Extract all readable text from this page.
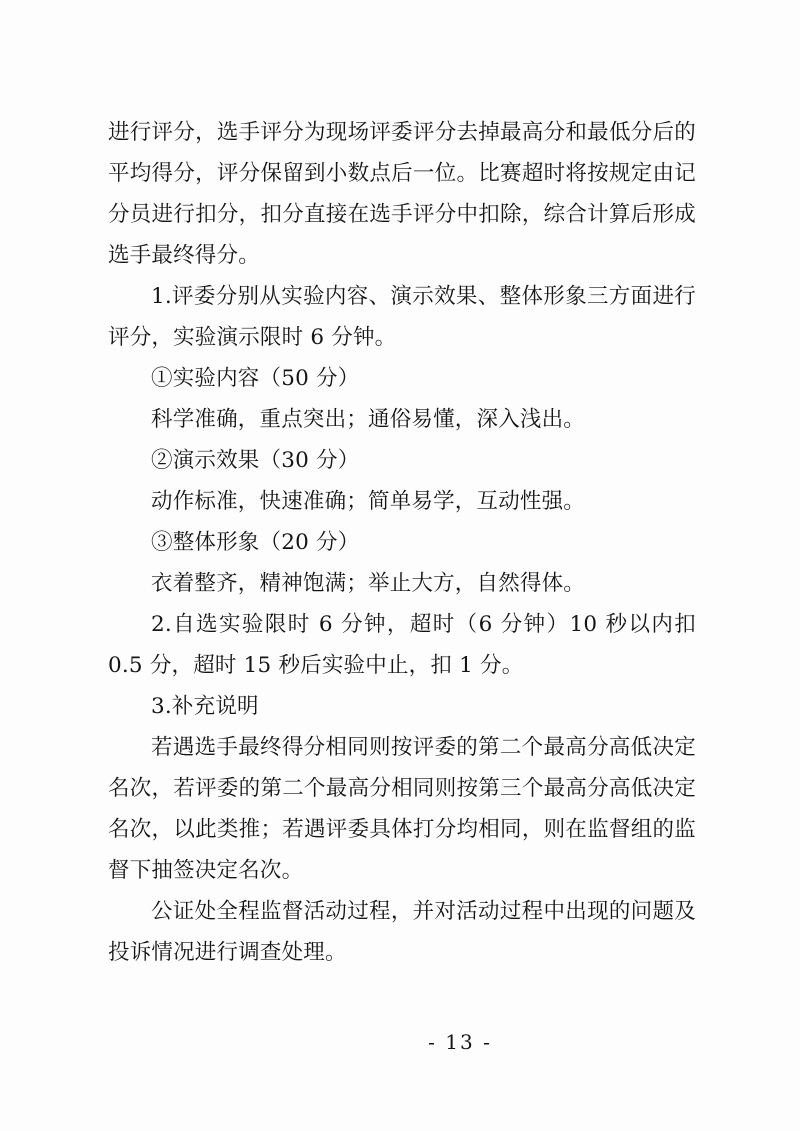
进行评分，选手评分为现场评委评分去掉最高分和最低分后的平均得分，评分保留到小数点后一位。比赛超时将按规定由记分员进行扣分，扣分直接在选手评分中扣除，综合计算后形成选手最终得分。

1.评委分别从实验内容、演示效果、整体形象三方面进行评分，实验演示限时 6 分钟。

①实验内容（50 分）

科学准确，重点突出；通俗易懂，深入浅出。

②演示效果（30 分）

动作标准，快速准确；简单易学，互动性强。

③整体形象（20 分）

衣着整齐，精神饱满；举止大方，自然得体。

2.自选实验限时 6 分钟，超时（6 分钟）10 秒以内扣 0.5 分，超时 15 秒后实验中止，扣 1 分。

3.补充说明

若遇选手最终得分相同则按评委的第二个最高分高低决定名次，若评委的第二个最高分相同则按第三个最高分高低决定名次，以此类推；若遇评委具体打分均相同，则在监督组的监督下抽签决定名次。

公证处全程监督活动过程，并对活动过程中出现的问题及投诉情况进行调查处理。

- 13 -
